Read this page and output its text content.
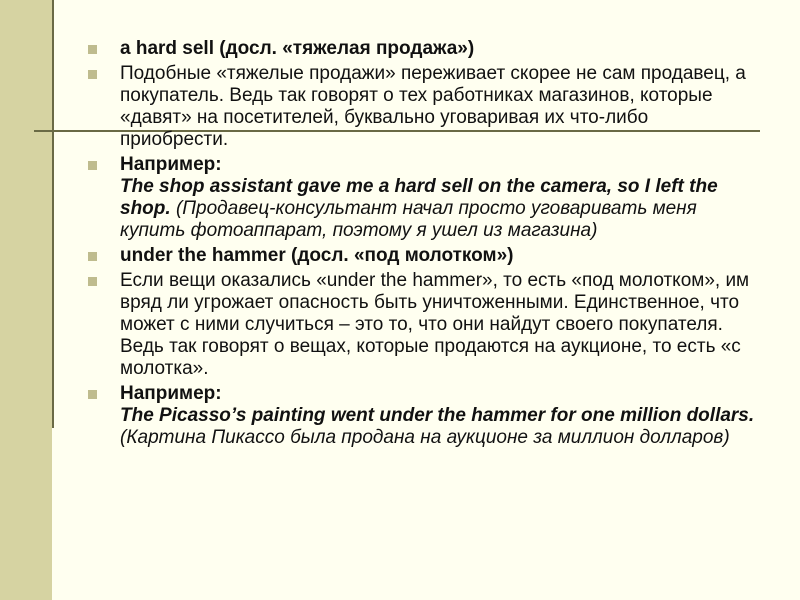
a hard sell (досл. «тяжелая продажа»)
Подобные «тяжелые продажи» переживает скорее не сам продавец, а покупатель. Ведь так говорят о тех работниках магазинов, которые «давят» на посетителей, буквально уговаривая их что-либо приобрести.
Например:
The shop assistant gave me a hard sell on the camera, so I left the shop. (Продавец-консультант начал просто уговаривать меня купить фотоаппарат, поэтому я ушел из магазина)
under the hammer (досл. «под молотком»)
Если вещи оказались «under the hammer», то есть «под молотком», им вряд ли угрожает опасность быть уничтоженными. Единственное, что может с ними случиться – это то, что они найдут своего покупателя. Ведь так говорят о вещах, которые продаются на аукционе, то есть «с молотка».
Например:
The Picasso’s painting went under the hammer for one million dollars. (Картина Пикассо была продана на аукционе за миллион долларов)
